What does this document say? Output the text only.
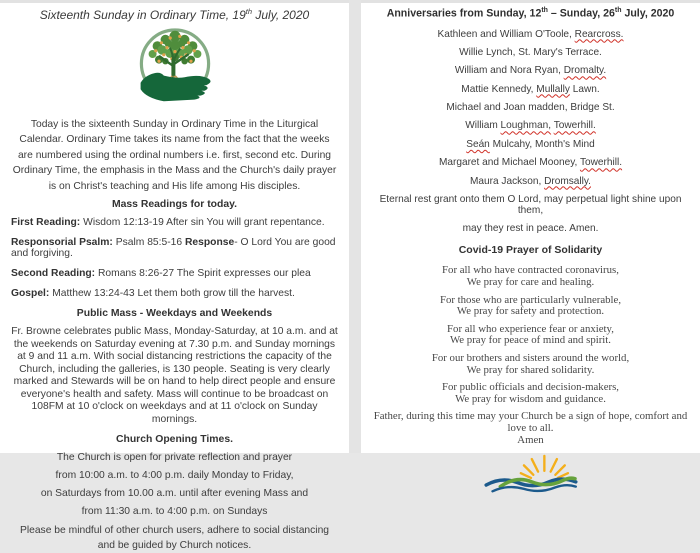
Sixteenth Sunday in Ordinary Time, 19th July, 2020
Today is the sixteenth Sunday in Ordinary Time in the Liturgical Calendar. Ordinary Time takes its name from the fact that the weeks are numbered using the ordinal numbers i.e. first, second etc. During Ordinary Time, the emphasis in the Mass and the Church's daily prayer is on Christ's teaching and His life among His disciples.
Mass Readings for today.
First Reading: Wisdom 12:13-19 After sin You will grant repentance.
Responsorial Psalm: Psalm 85:5-16 Response- O Lord You are good and forgiving.
Second Reading: Romans 8:26-27 The Spirit expresses our plea
Gospel: Matthew 13:24-43 Let them both grow till the harvest.
Public Mass - Weekdays and Weekends
Fr. Browne celebrates public Mass, Monday-Saturday, at 10 a.m. and at the weekends on Saturday evening at 7.30 p.m. and Sunday mornings at 9 and 11 a.m. With social distancing restrictions the capacity of the Church, including the galleries, is 130 people. Seating is very clearly marked and Stewards will be on hand to help direct people and ensure everyone's health and safety. Mass will continue to be broadcast on 108FM at 10 o'clock on weekdays and at 11 o'clock on Sunday mornings.
Church Opening Times.
The Church is open for private reflection and prayer
from 10:00 a.m. to 4:00 p.m. daily Monday to Friday,
on Saturdays from 10.00 a.m. until after evening Mass and
from 11:30 a.m. to 4:00 p.m. on Sundays
Please be mindful of other church users, adhere to social distancing and be guided by Church notices.
Anniversaries from Sunday, 12th – Sunday, 26th July, 2020
Kathleen and William O'Toole, Rearcross.
Willie Lynch, St. Mary's Terrace.
William and Nora Ryan, Dromalty.
Mattie Kennedy, Mullally Lawn.
Michael and Joan madden, Bridge St.
William Loughman, Towerhill.
Seán Mulcahy, Month's Mind
Margaret and Michael Mooney, Towerhill.
Maura Jackson, Dromsally.
Eternal rest grant onto them O Lord, may perpetual light shine upon them,
may they rest in peace. Amen.
Covid-19 Prayer of Solidarity
For all who have contracted coronavirus,
We pray for care and healing.
For those who are particularly vulnerable,
We pray for safety and protection.
For all who experience fear or anxiety,
We pray for peace of mind and spirit.
For our brothers and sisters around the world,
We pray for shared solidarity.
For public officials and decision-makers,
We pray for wisdom and guidance.
Father, during this time may your Church be a sign of hope, comfort and love to all.
Amen
